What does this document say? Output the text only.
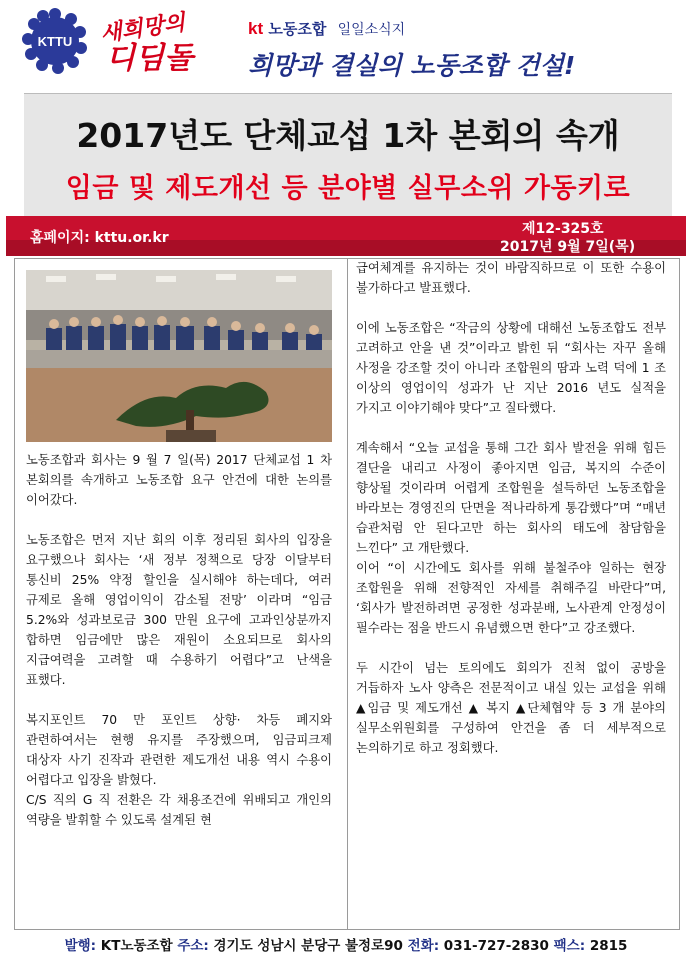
KTTU 새희망의
디딤돌
kt 노동조합 일일소식지
희망과 결실의 노동조합 건설!
2017년도 단체교섭 1차 본회의 속개
임금 및 제도개선 등 분야별 실무소위 가동키로
홈페이지: kttu.or.kr
제12-325호
2017년 9월 7일(목)

노동조합과 회사는 9 월 7 일(목) 2017 단체교섭 1 차 본회의를 속개하고 노동조합 요구 안건에 대한 논의를 이어갔다.

노동조합은 먼저 지난 회의 이후 정리된 회사의 입장을 요구했으나 회사는 ‘새 정부 정책으로 당장 이달부터 통신비 25% 약정 할인을 실시해야 하는데다, 여러 규제로 올해 영업이익이 감소될 전망’ 이라며 “임금 5.2%와 성과보로금 300 만원 요구에 고과인상분까지 합하면 임금에만 많은 재원이 소요되므로 회사의 지급여력을 고려할 때 수용하기 어렵다”고 난색을 표했다.

복지포인트 70 만 포인트 상향· 차등 폐지와 관련하여서는 현행 유지를 주장했으며, 임금피크제 대상자 사기 진작과 관련한 제도개선 내용 역시 수용이 어렵다고 입장을 밝혔다.

C/S 직의 G 직 전환은 각 채용조건에 위배되고 개인의 역량을 발휘할 수 있도록 설계된 현

급여체계를 유지하는 것이 바람직하므로 이 또한 수용이 불가하다고 발표했다.

이에 노동조합은 “작금의 상황에 대해선 노동조합도 전부 고려하고 안을 낸 것”이라고 밝힌 뒤 “회사는 자꾸 올해 사정을 강조할 것이 아니라 조합원의 땀과 노력 덕에 1 조 이상의 영업이익 성과가 난 지난 2016 년도 실적을 가지고 이야기해야 맞다”고 질타했다.

계속해서 “오늘 교섭을 통해 그간 회사 발전을 위해 힘든 결단을 내리고 사정이 좋아지면 임금, 복지의 수준이 향상될 것이라며 어렵게 조합원을 설득하던 노동조합을 바라보는 경영진의 단면을 적나라하게 통감했다”며 “매년 습관처럼 안 된다고만 하는 회사의 태도에 참담함을 느낀다” 고 개탄했다.

이어 “이 시간에도 회사를 위해 불철주야 일하는 현장 조합원을 위해 전향적인 자세를 취해주길 바란다”며, ‘회사가 발전하려면 공정한 성과분배, 노사관계 안정성이 필수라는 점을 반드시 유념했으면 한다”고 강조했다.

두 시간이 넘는 토의에도 회의가 진척 없이 공방을 거듭하자 노사 양측은 전문적이고 내실 있는 교섭을 위해 ▲임금 및 제도개선 ▲ 복지 ▲단체협약 등 3 개 분야의 실무소위원회를 구성하여 안건을 좀 더 세부적으로 논의하기로 하고 정회했다.

발행: KT노동조합 주소: 경기도 성남시 분당구 불정로90 전화: 031-727-2830 팩스: 2815
